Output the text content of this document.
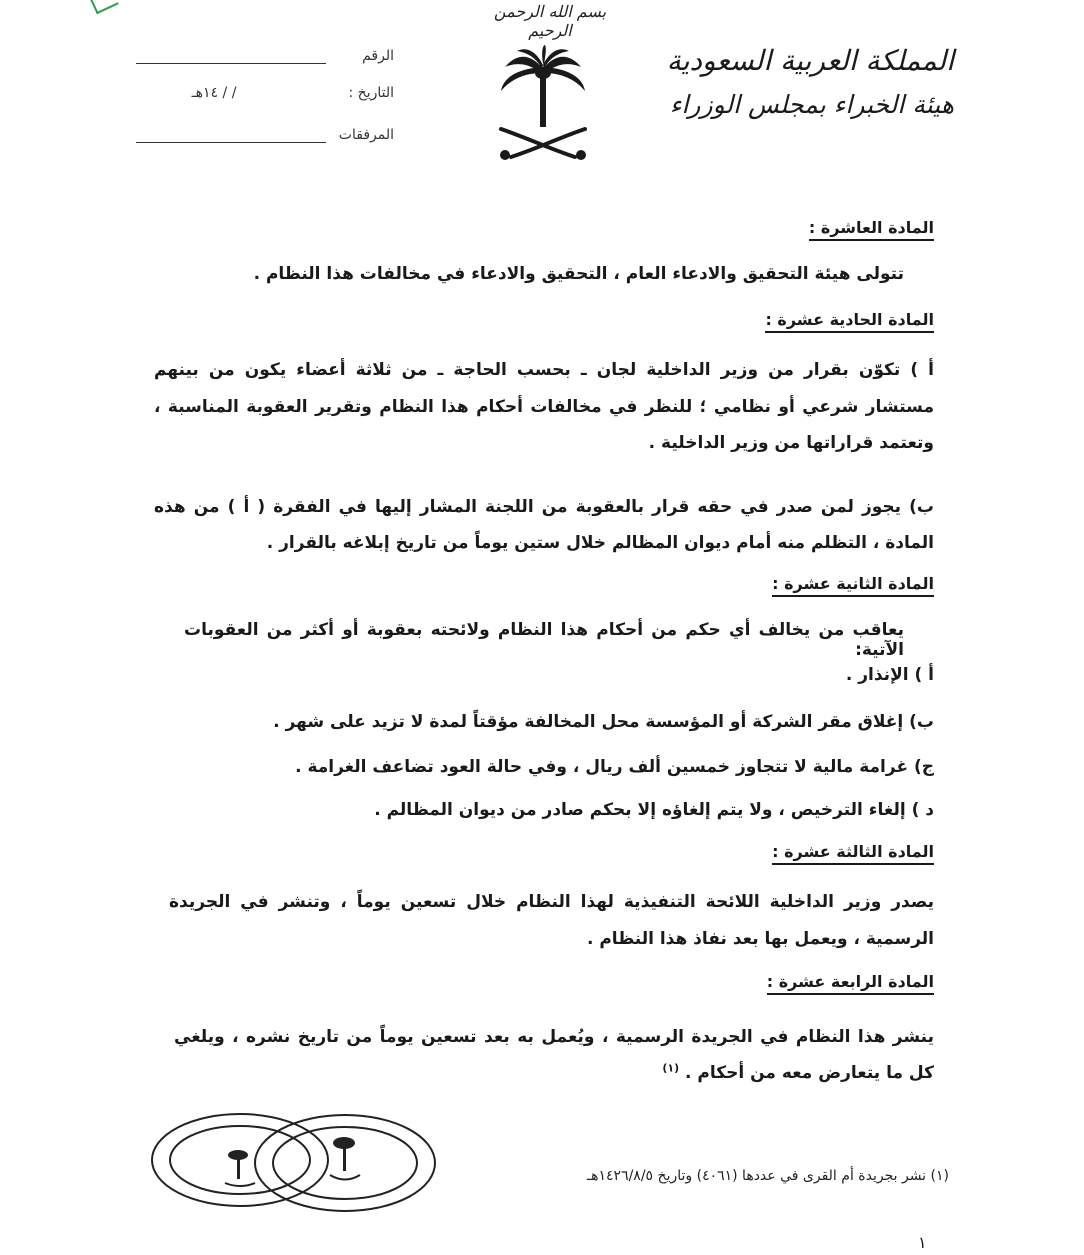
بسم الله الرحمن الرحيم
المملكة العربية السعودية
هيئة الخبراء بمجلس الوزراء
الرقم
التاريخ :
/ / ١٤هـ
المرفقات
المادة العاشرة :
تتولى هيئة التحقيق والادعاء العام ، التحقيق والادعاء في مخالفات هذا النظام .
المادة الحادية عشرة :
أ ) تكوّن بقرار من وزير الداخلية لجان ـ بحسب الحاجة ـ من ثلاثة أعضاء يكون من بينهم مستشار شرعي أو نظامي ؛ للنظر في مخالفات أحكام هذا النظام وتقرير العقوبة المناسبة ، وتعتمد قراراتها من وزير الداخلية .
ب) يجوز لمن صدر في حقه قرار بالعقوبة من اللجنة المشار إليها في الفقرة ( أ ) من هذه المادة ، التظلم منه أمام ديوان المظالم خلال ستين يوماً من تاريخ إبلاغه بالقرار .
المادة الثانية عشرة :
يعاقب من يخالف أي حكم من أحكام هذا النظام ولائحته بعقوبة أو أكثر من العقوبات الآتية:
أ ) الإنذار .
ب) إغلاق مقر الشركة أو المؤسسة محل المخالفة مؤقتاً لمدة لا تزيد على شهر .
ج) غرامة مالية لا تتجاوز خمسين ألف ريال ، وفي حالة العود تضاعف الغرامة .
د ) إلغاء الترخيص ، ولا يتم إلغاؤه إلا بحكم صادر من ديوان المظالم .
المادة الثالثة عشرة :
يصدر وزير الداخلية اللائحة التنفيذية لهذا النظام خلال تسعين يوماً ، وتنشر في الجريدة الرسمية ، ويعمل بها بعد نفاذ هذا النظام .
المادة الرابعة عشرة :
ينشر هذا النظام في الجريدة الرسمية ، ويُعمل به بعد تسعين يوماً من تاريخ نشره ، ويلغي كل ما يتعارض معه من أحكام . $^{(١)}$
(١) نشر بجريدة أم القرى في عددها (٤٠٦١) وتاريخ ١٤٢٦/٨/٥هـ
١
